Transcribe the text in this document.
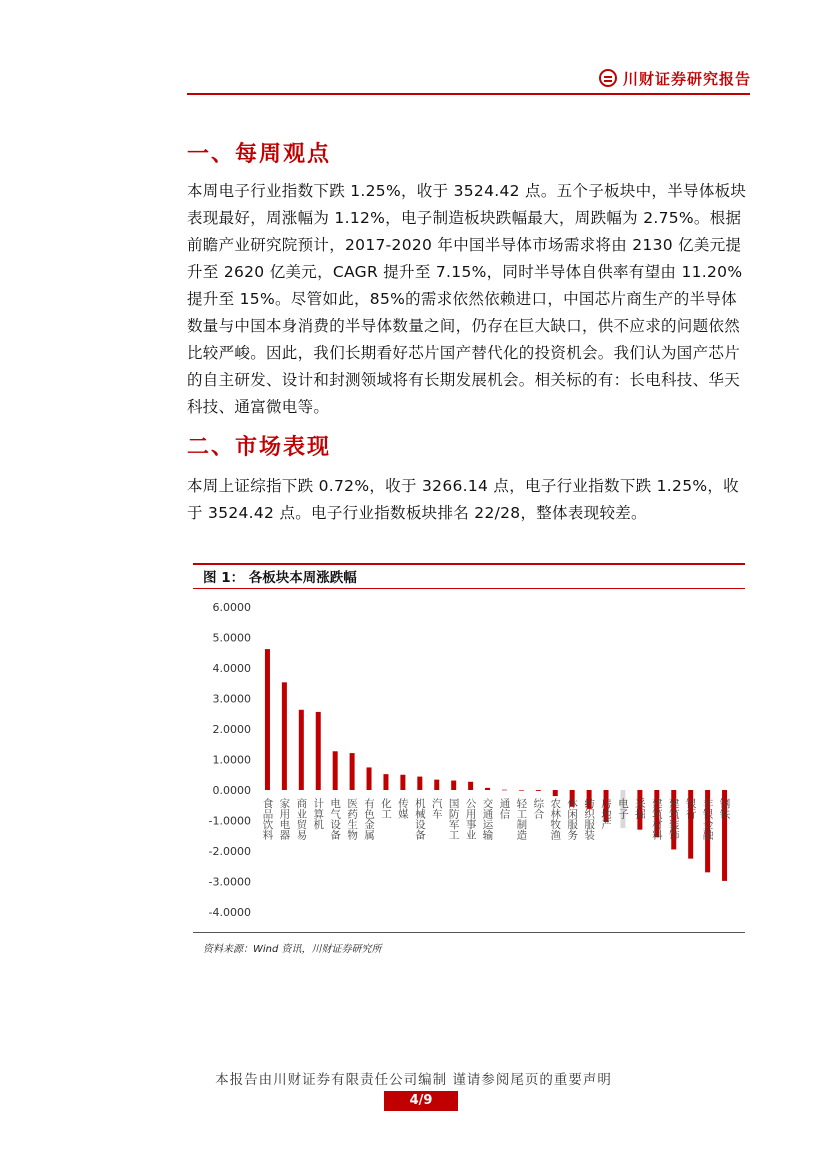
川财证券研究报告
一、每周观点

本周电子行业指数下跌 1.25%，收于 3524.42 点。五个子板块中，半导体板块表现最好，周涨幅为 1.12%，电子制造板块跌幅最大，周跌幅为 2.75%。根据前瞻产业研究院预计，2017-2020 年中国半导体市场需求将由 2130 亿美元提升至 2620 亿美元，CAGR 提升至 7.15%，同时半导体自供率有望由 11.20%提升至 15%。尽管如此，85%的需求依然依赖进口，中国芯片商生产的半导体数量与中国本身消费的半导体数量之间，仍存在巨大缺口，供不应求的问题依然比较严峻。因此，我们长期看好芯片国产替代化的投资机会。我们认为国产芯片的自主研发、设计和封测领域将有长期发展机会。相关标的有：长电科技、华天科技、通富微电等。

二、市场表现

本周上证综指下跌 0.72%，收于 3266.14 点，电子行业指数下跌 1.25%，收于 3524.42 点。电子行业指数板块排名 22/28，整体表现较差。

图 1： 各板块本周涨跌幅
6.0000
5.0000
4.0000
3.0000
2.0000
1.0000
0.0000
-1.0000
-2.0000
-3.0000
-4.0000
食品饮料 家用电器 商业贸易 计算机 电气设备 医药生物 有色金属 化工 传媒 机械设备 汽车 国防军工 公用事业 交通运输 通信 轻工制造 综合 农林牧渔 休闲服务 纺织服装 房地产 电子 采掘 建筑材料 建筑装饰 银行 非银金融 钢铁
资料来源：Wind 资讯，川财证券研究所
本报告由川财证券有限责任公司编制 谨请参阅尾页的重要声明
4/9
